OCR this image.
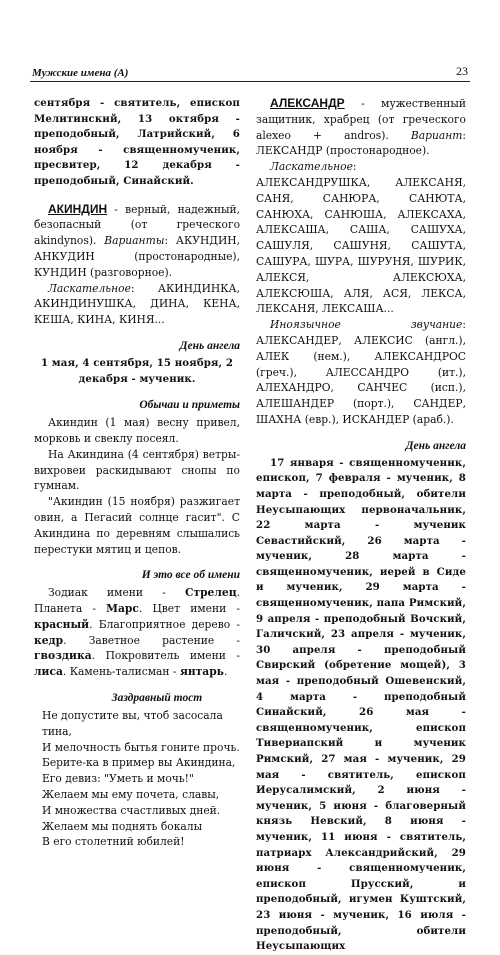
Мужские имена (А)	23

сентября - святитель, епископ Мелитинский, 13 октября - преподобный, Латрийский, 6 ноября - священномученик, пресвитер, 12 декабря - преподобный, Синайский.

АКИНДИН - верный, надежный, безопасный (от греческого akindynos). Варианты: АКУНДИН, АНКУДИН (простонародные), КУНДИН (разговорное).

Ласкательное: АКИНДИНКА, АКИНДИНУШКА, ДИНА, КЕНА, КЕША, КИНА, КИНЯ...

День ангела

1 мая, 4 сентября, 15 ноября, 2 декабря - мученик.

Обычаи и приметы

Акиндин (1 мая) весну привел, морковь и свеклу посеял.

На Акиндина (4 сентября) ветры-вихровеи раскидывают снопы по гумнам.

"Акиндин (15 ноября) разжигает овин, а Пегасий солнце гасит". С Акиндина по деревням слышались перестуки мятиц и цепов.

И это все об имени

Зодиак имени - Стрелец. Планета - Марс. Цвет имени - красный. Благоприятное дерево - кедр. Заветное растение - гвоздика. Покровитель имени - лиса. Камень-талисман - янтарь.

Заздравный тост

Не допустите вы, чтоб засосала тина,

И мелочность бытья гоните прочь.

Берите-ка в пример вы Акиндина,

Его девиз: "Уметь и мочь!"

Желаем мы ему почета, славы,

И множества счастливых дней.

Желаем мы поднять бокалы

В его столетний юбилей!

АЛЕКСАНДР - мужественный защитник, храбрец (от греческого alexeo + andros). Вариант: ЛЕКСАНДР (простонародное).

Ласкательное: АЛЕКСАНДРУШКА, АЛЕКСАНЯ, САНЯ, САНЮРА, САНЮТА, САНЮХА, САНЮША, АЛЕКСАХА, АЛЕКСАША, САША, САШУХА, САШУЛЯ, САШУНЯ, САШУТА, САШУРА, ШУРА, ШУРУНЯ, ШУРИК, АЛЕКСЯ, АЛЕКСЮХА, АЛЕКСЮША, АЛЯ, АСЯ, ЛЕКСА, ЛЕКСАНЯ, ЛЕКСАША...

Иноязычное звучание: АЛЕКСАНДЕР, АЛЕКСИС (англ.), АЛЕК (нем.), АЛЕКСАНДРОС (греч.), АЛЕССАНДРО (ит.), АЛЕХАНДРО, САНЧЕС (исп.), АЛЕШАНДЕР (порт.), САНДЕР, ШАХНА (евр.), ИСКАНДЕР (араб.).

День ангела

17 января - священномученик, епископ, 7 февраля - мученик, 8 марта - преподобный, обители Неусыпающих первоначальник, 22 марта - мученик Севастийский, 26 марта - мученик, 28 марта - священномученик, иерей в Сиде и мученик, 29 марта - священномученик, папа Римский, 9 апреля - преподобный Вочский, Галичский, 23 апреля - мученик, 30 апреля - преподобный Свирский (обретение мощей), 3 мая - преподобный Ошевенский, 4 марта - преподобный Синайский, 26 мая - священномученик, епископ Тивериапский и мученик Римский, 27 мая - мученик, 29 мая - святитель, епископ Иерусалимский, 2 июня - мученик, 5 июня - благоверный князь Невский, 8 июня - мученик, 11 июня - святитель, патриарх Александрийский, 29 июня - священномученик, епископ Прусский, и преподобный, игумен Куштский, 23 июня - мученик, 16 июля - преподобный, обители Неусыпающих
